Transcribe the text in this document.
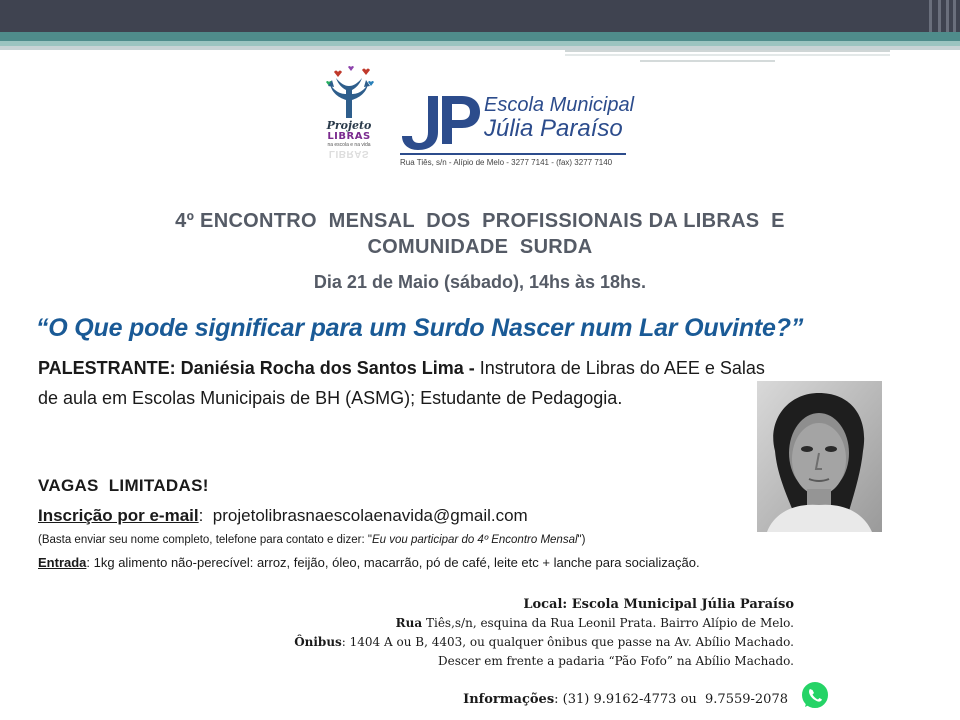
Projeto
LIBRAS
na escola e na vida
LIBRAS
Escola Municipal
Júlia Paraíso
Rua Tiês, s/n - Alípio de Melo - 3277 7141 - (fax) 3277 7140
4º ENCONTRO  MENSAL  DOS  PROFISSIONAIS DA LIBRAS  E
COMUNIDADE  SURDA
Dia 21 de Maio (sábado), 14hs às 18hs.
“O Que pode significar para um Surdo Nascer num Lar Ouvinte?”
PALESTRANTE: Daniésia Rocha dos Santos Lima - Instrutora de Libras do AEE e Salas
de aula em Escolas Municipais de BH (ASMG); Estudante de Pedagogia.
VAGAS  LIMITADAS!
Inscrição por e-mail:  projetolibrasnaescolaenavida@gmail.com
(Basta enviar seu nome completo, telefone para contato e dizer: "Eu vou participar do 4º Encontro Mensal")
Entrada: 1kg alimento não-perecível: arroz, feijão, óleo, macarrão, pó de café, leite etc + lanche para socialização.
Local: Escola Municipal Júlia Paraíso
Rua Tiês,s/n, esquina da Rua Leonil Prata. Bairro Alípio de Melo.
Ônibus: 1404 A ou B, 4403, ou qualquer ônibus que passe na Av. Abílio Machado.
Descer em frente a padaria “Pão Fofo” na Abílio Machado.
Informações: (31) 9.9162-4773 ou  9.7559-2078
